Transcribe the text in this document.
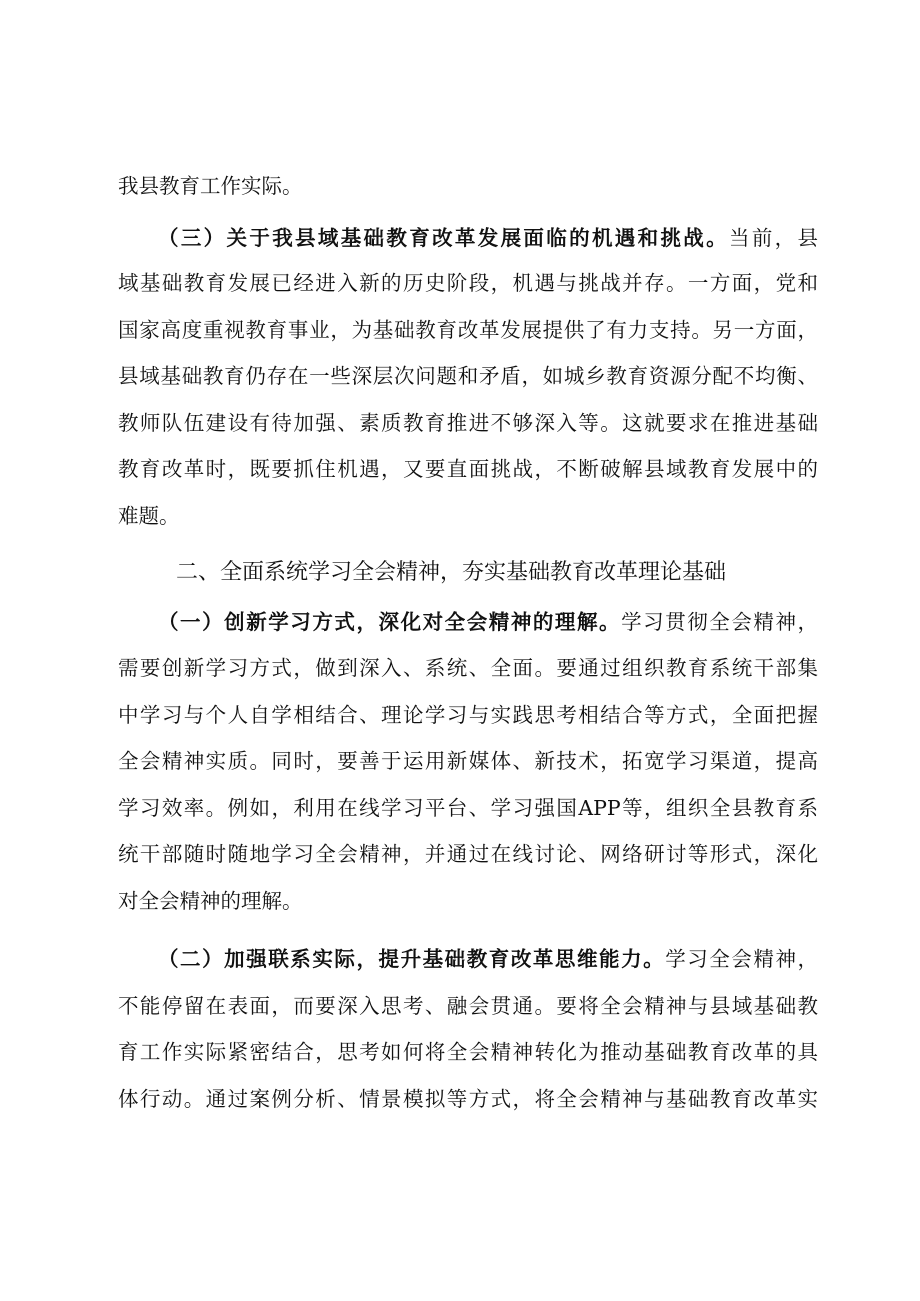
我县教育工作实际。
（三）关于我县域基础教育改革发展面临的机遇和挑战。当前，县
域基础教育发展已经进入新的历史阶段，机遇与挑战并存。一方面，党和
国家高度重视教育事业，为基础教育改革发展提供了有力支持。另一方面，
县域基础教育仍存在一些深层次问题和矛盾，如城乡教育资源分配不均衡、
教师队伍建设有待加强、素质教育推进不够深入等。这就要求在推进基础
教育改革时，既要抓住机遇，又要直面挑战，不断破解县域教育发展中的
难题。
二、全面系统学习全会精神，夯实基础教育改革理论基础
（一）创新学习方式，深化对全会精神的理解。学习贯彻全会精神，
需要创新学习方式，做到深入、系统、全面。要通过组织教育系统干部集
中学习与个人自学相结合、理论学习与实践思考相结合等方式，全面把握
全会精神实质。同时，要善于运用新媒体、新技术，拓宽学习渠道，提高
学习效率。例如，利用在线学习平台、学习强国APP等，组织全县教育系
统干部随时随地学习全会精神，并通过在线讨论、网络研讨等形式，深化
对全会精神的理解。
（二）加强联系实际，提升基础教育改革思维能力。学习全会精神，
不能停留在表面，而要深入思考、融会贯通。要将全会精神与县域基础教
育工作实际紧密结合，思考如何将全会精神转化为推动基础教育改革的具
体行动。通过案例分析、情景模拟等方式，将全会精神与基础教育改革实
